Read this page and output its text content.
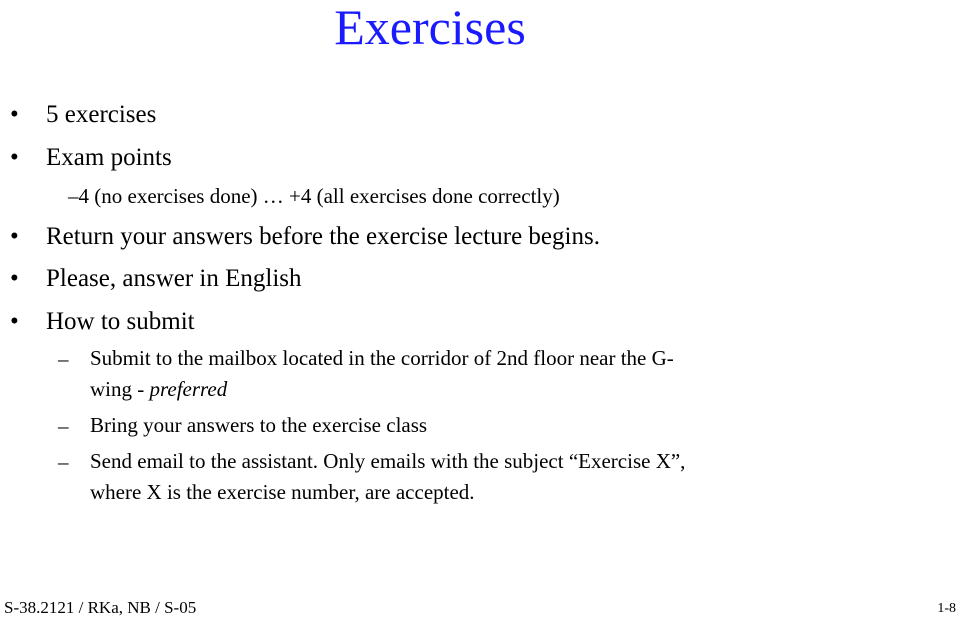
Exercises
• 5 exercises
• Exam points
–4 (no exercises done) … +4 (all exercises done correctly)
• Return your answers before the exercise lecture begins.
• Please, answer in English
• How to submit
– Submit to the mailbox located in the corridor of 2nd floor near the G-
wing - preferred
– Bring your answers to the exercise class
– Send email to the assistant. Only emails with the subject “Exercise X”,
where X is the exercise number, are accepted.
S-38.2121 / RKa, NB / S-05	1-8
